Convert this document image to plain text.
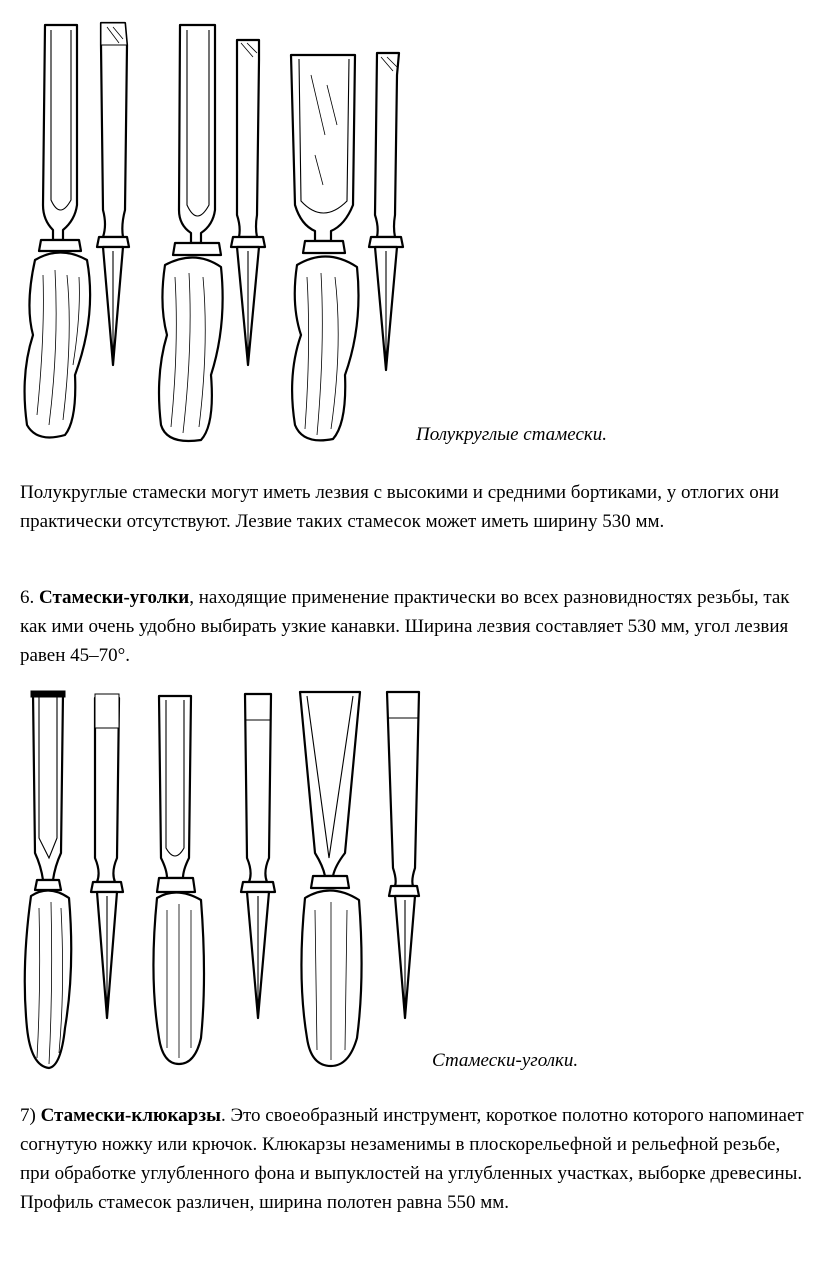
Полукруглые стамески.

Полукруглые стамески могут иметь лезвия с высокими и средними бортиками, у отлогих они практически отсутствуют. Лезвие таких стамесок может иметь ширину 530 мм.

6. Стамески-уголки, находящие применение практически во всех разновидностях резьбы, так как ими очень удобно выбирать узкие канавки. Ширина лезвия составляет 530 мм, угол лезвия равен 45–70°.

Стамески-уголки.

7) Стамески-клюкарзы. Это своеобразный инструмент, короткое полотно которого напоминает согнутую ножку или крючок. Клюкарзы незаменимы в плоскорельефной и рельефной резьбе, при обработке углубленного фона и выпуклостей на углубленных участках, выборке древесины. Профиль стамесок различен, ширина полотен равна 550 мм.
